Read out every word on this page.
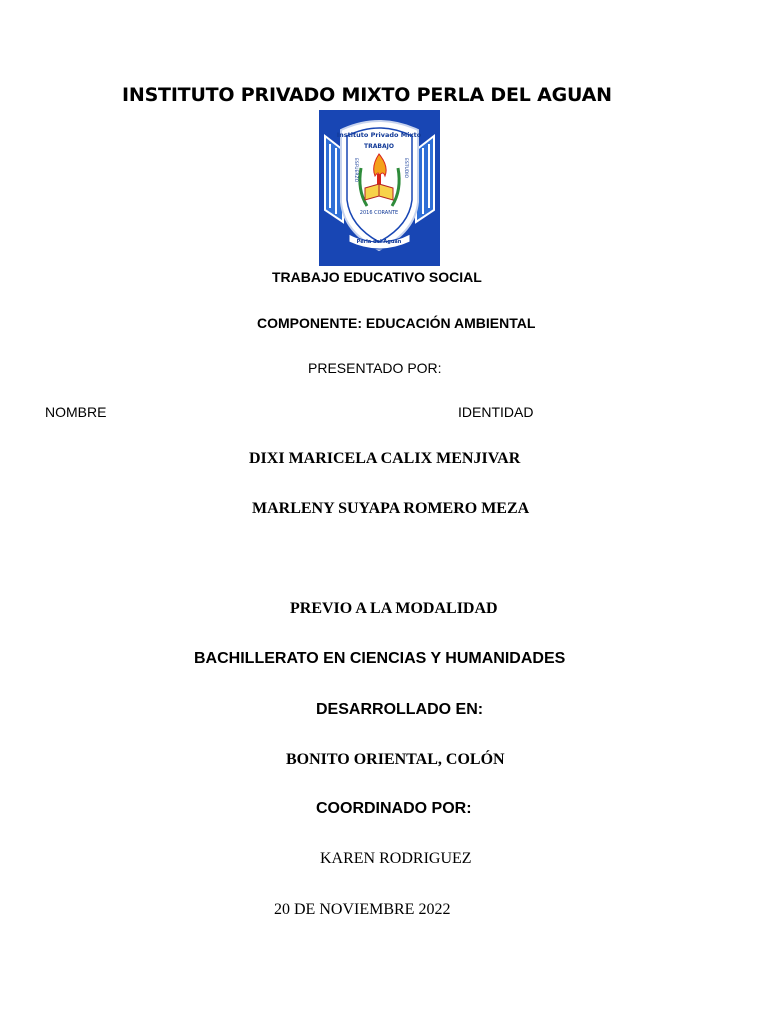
INSTITUTO PRIVADO MIXTO PERLA DEL AGUAN
Instituto Privado Mixto
TRABAJO
ESFUERZO	ESTUDIO
2016 CORANTE
Perla del Aguan
TRABAJO EDUCATIVO SOCIAL
COMPONENTE: EDUCACIÓN AMBIENTAL
PRESENTADO POR:
NOMBRE	IDENTIDAD
DIXI MARICELA CALIX MENJIVAR
MARLENY SUYAPA ROMERO MEZA
PREVIO A LA MODALIDAD
BACHILLERATO EN CIENCIAS Y HUMANIDADES
DESARROLLADO EN:
BONITO ORIENTAL, COLÓN
COORDINADO POR:
KAREN RODRIGUEZ
20 DE NOVIEMBRE 2022
